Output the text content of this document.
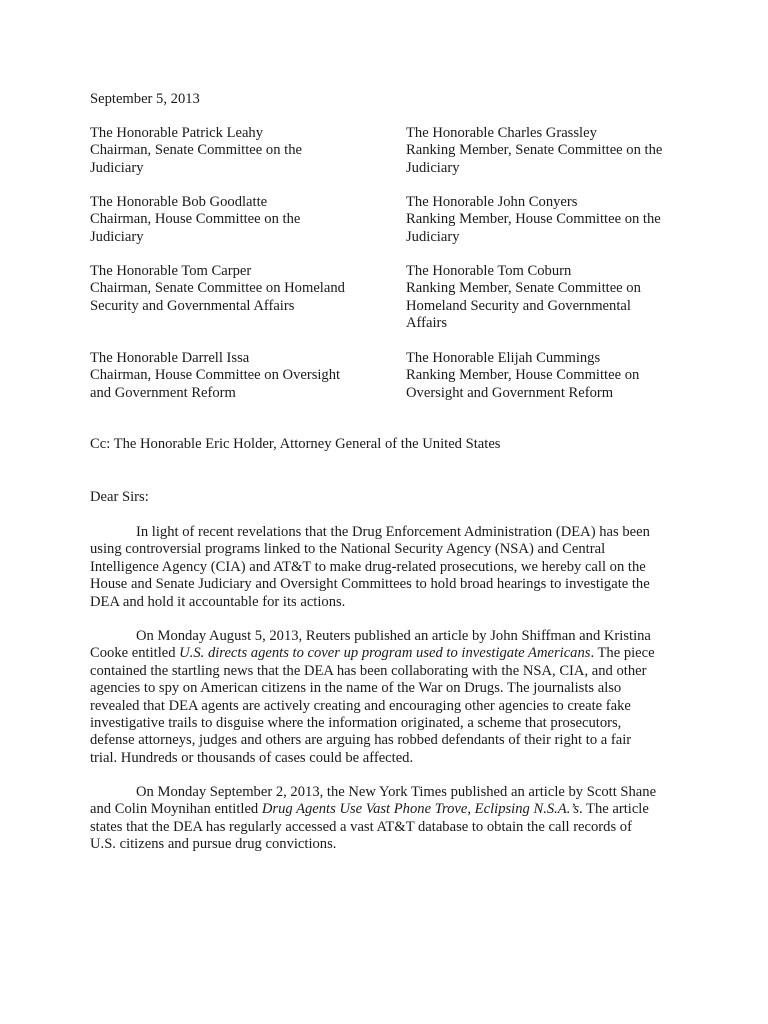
September 5, 2013
The Honorable Patrick Leahy
Chairman, Senate Committee on the
Judiciary
The Honorable Bob Goodlatte
Chairman, House Committee on the
Judiciary
The Honorable Tom Carper
Chairman, Senate Committee on Homeland
Security and Governmental Affairs
The Honorable Darrell Issa
Chairman, House Committee on Oversight
and Government Reform
The Honorable Charles Grassley
Ranking Member, Senate Committee on the
Judiciary
The Honorable John Conyers
Ranking Member, House Committee on the
Judiciary
The Honorable Tom Coburn
Ranking Member, Senate Committee on
Homeland Security and Governmental
Affairs
The Honorable Elijah Cummings
Ranking Member, House Committee on
Oversight and Government Reform
Cc: The Honorable Eric Holder, Attorney General of the United States
Dear Sirs:
In light of recent revelations that the Drug Enforcement Administration (DEA) has been
using controversial programs linked to the National Security Agency (NSA) and Central
Intelligence Agency (CIA) and AT&T to make drug-related prosecutions, we hereby call on the
House and Senate Judiciary and Oversight Committees to hold broad hearings to investigate the
DEA and hold it accountable for its actions.
On Monday August 5, 2013, Reuters published an article by John Shiffman and Kristina
Cooke entitled U.S. directs agents to cover up program used to investigate Americans. The piece
contained the startling news that the DEA has been collaborating with the NSA, CIA, and other
agencies to spy on American citizens in the name of the War on Drugs. The journalists also
revealed that DEA agents are actively creating and encouraging other agencies to create fake
investigative trails to disguise where the information originated, a scheme that prosecutors,
defense attorneys, judges and others are arguing has robbed defendants of their right to a fair
trial. Hundreds or thousands of cases could be affected.
On Monday September 2, 2013, the New York Times published an article by Scott Shane
and Colin Moynihan entitled Drug Agents Use Vast Phone Trove, Eclipsing N.S.A.’s. The article
states that the DEA has regularly accessed a vast AT&T database to obtain the call records of
U.S. citizens and pursue drug convictions.
